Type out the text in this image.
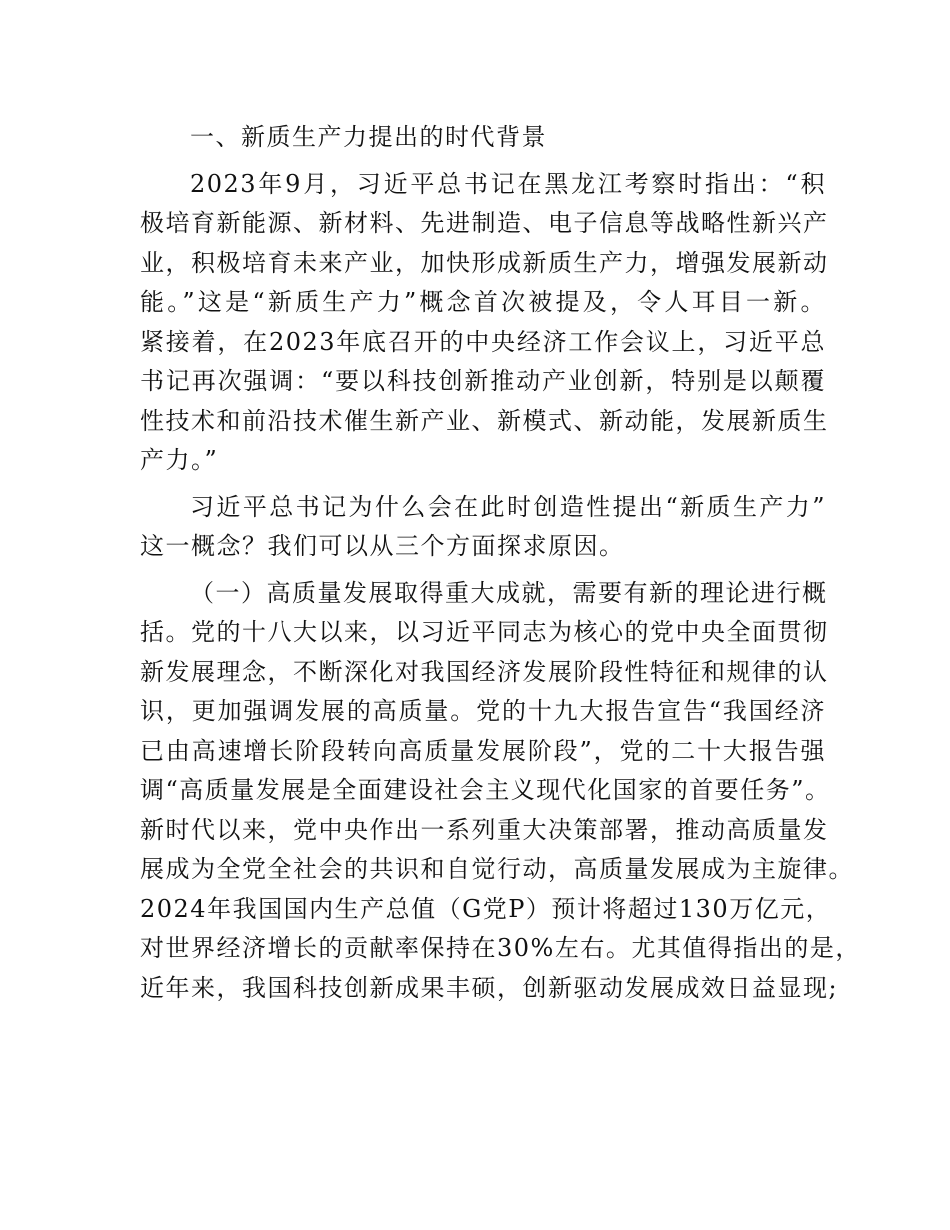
一、新质生产力提出的时代背景
2023年9月，习近平总书记在黑龙江考察时指出：“积
极培育新能源、新材料、先进制造、电子信息等战略性新兴产
业，积极培育未来产业，加快形成新质生产力，增强发展新动
能。”这是“新质生产力”概念首次被提及，令人耳目一新。
紧接着，在2023年底召开的中央经济工作会议上，习近平总
书记再次强调：“要以科技创新推动产业创新，特别是以颠覆
性技术和前沿技术催生新产业、新模式、新动能，发展新质生
产力。”
习近平总书记为什么会在此时创造性提出“新质生产力”
这一概念？我们可以从三个方面探求原因。
（一）高质量发展取得重大成就，需要有新的理论进行概
括。党的十八大以来，以习近平同志为核心的党中央全面贯彻
新发展理念，不断深化对我国经济发展阶段性特征和规律的认
识，更加强调发展的高质量。党的十九大报告宣告“我国经济
已由高速增长阶段转向高质量发展阶段”，党的二十大报告强
调“高质量发展是全面建设社会主义现代化国家的首要任务”。
新时代以来，党中央作出一系列重大决策部署，推动高质量发
展成为全党全社会的共识和自觉行动，高质量发展成为主旋律。
2024年我国国内生产总值（G党P）预计将超过130万亿元，
对世界经济增长的贡献率保持在30%左右。尤其值得指出的是，
近年来，我国科技创新成果丰硕，创新驱动发展成效日益显现;
